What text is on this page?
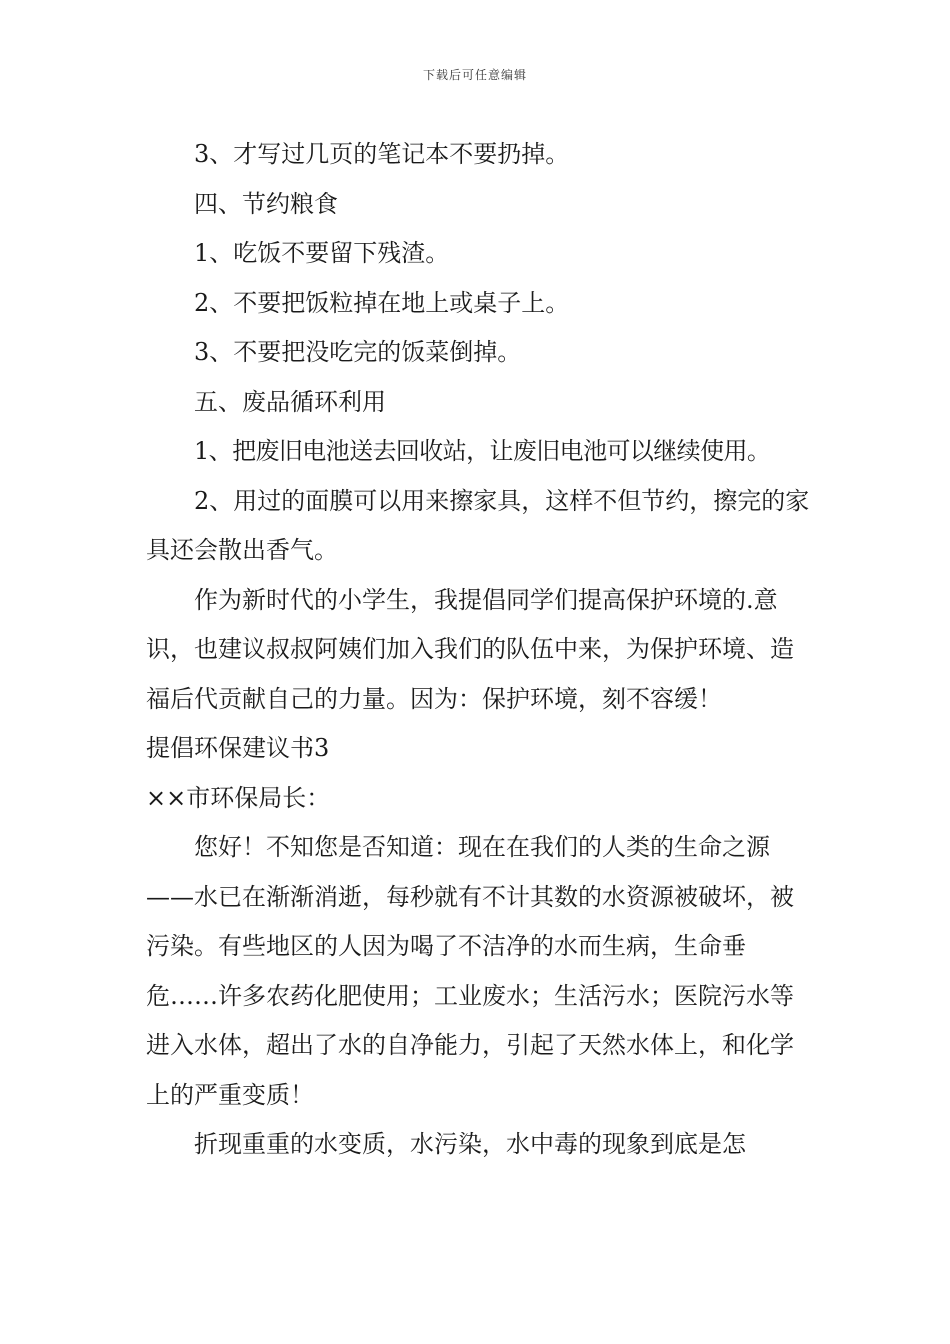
下载后可任意编辑

3、才写过几页的笔记本不要扔掉。

四、节约粮食

1、吃饭不要留下残渣。

2、不要把饭粒掉在地上或桌子上。

3、不要把没吃完的饭菜倒掉。

五、废品循环利用

1、把废旧电池送去回收站，让废旧电池可以继续使用。

2、用过的面膜可以用来擦家具，这样不但节约，擦完的家具还会散出香气。

作为新时代的小学生，我提倡同学们提高保护环境的.意识，也建议叔叔阿姨们加入我们的队伍中来，为保护环境、造福后代贡献自己的力量。因为：保护环境，刻不容缓！

提倡环保建议书3

××市环保局长：

您好！不知您是否知道：现在在我们的人类的生命之源——水已在渐渐消逝，每秒就有不计其数的水资源被破坏，被污染。有些地区的人因为喝了不洁净的水而生病，生命垂危……许多农药化肥使用；工业废水；生活污水；医院污水等进入水体，超出了水的自净能力，引起了天然水体上，和化学上的严重变质！

折现重重的水变质，水污染，水中毒的现象到底是怎
